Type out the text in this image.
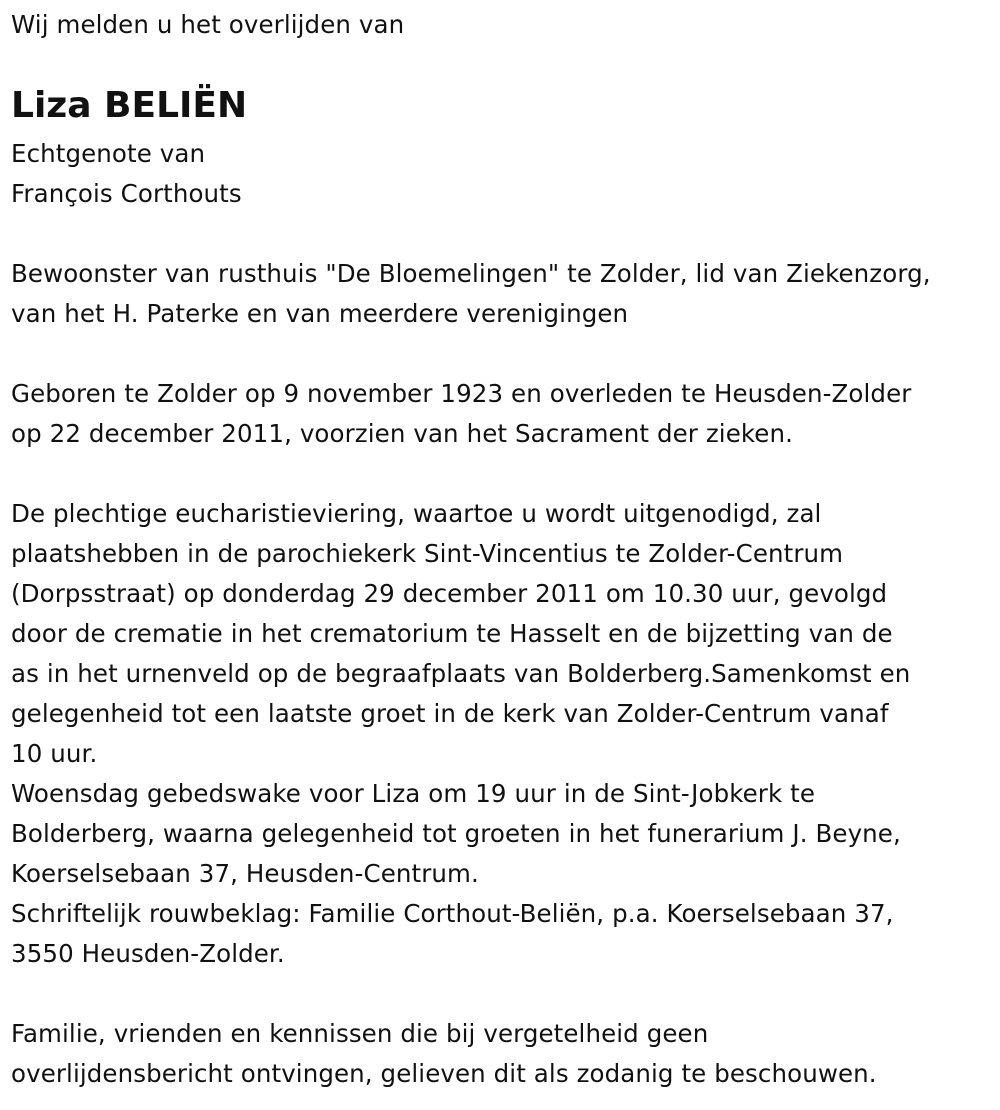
Wij melden u het overlijden van
Liza BELIËN
Echtgenote van
François Corthouts
Bewoonster van rusthuis "De Bloemelingen" te Zolder, lid van Ziekenzorg,
van het H. Paterke en van meerdere verenigingen
Geboren te Zolder op 9 november 1923 en overleden te Heusden-Zolder
op 22 december 2011, voorzien van het Sacrament der zieken.
De plechtige eucharistieviering, waartoe u wordt uitgenodigd, zal
plaatshebben in de parochiekerk Sint-Vincentius te Zolder-Centrum
(Dorpsstraat) op donderdag 29 december 2011 om 10.30 uur, gevolgd
door de crematie in het crematorium te Hasselt en de bijzetting van de
as in het urnenveld op de begraafplaats van Bolderberg.Samenkomst en
gelegenheid tot een laatste groet in de kerk van Zolder-Centrum vanaf
10 uur.
Woensdag gebedswake voor Liza om 19 uur in de Sint-Jobkerk te
Bolderberg, waarna gelegenheid tot groeten in het funerarium J. Beyne,
Koerselsebaan 37, Heusden-Centrum.
Schriftelijk rouwbeklag: Familie Corthout-Beliën, p.a. Koerselsebaan 37,
3550 Heusden-Zolder.
Familie, vrienden en kennissen die bij vergetelheid geen
overlijdensbericht ontvingen, gelieven dit als zodanig te beschouwen.
